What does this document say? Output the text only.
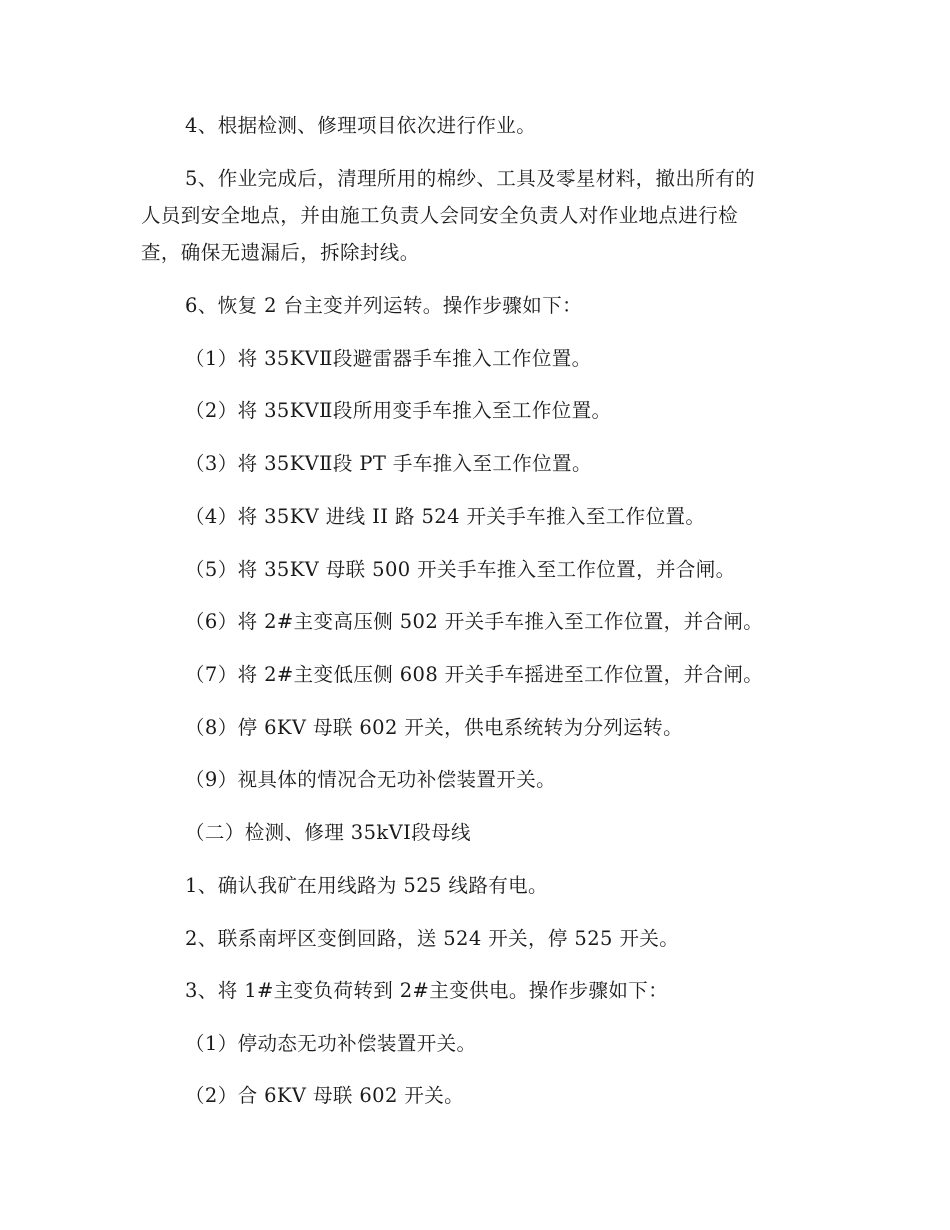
4、根据检测、修理项目依次进行作业。

5、作业完成后，清理所用的棉纱、工具及零星材料，撤出所有的

人员到安全地点，并由施工负责人会同安全负责人对作业地点进行检

查，确保无遗漏后，拆除封线。

6、恢复 2 台主变并列运转。操作步骤如下：

（1）将 35KVⅡ段避雷器手车推入工作位置。

（2）将 35KVⅡ段所用变手车推入至工作位置。

（3）将 35KVⅡ段 PT 手车推入至工作位置。

（4）将 35KV 进线 II 路 524 开关手车推入至工作位置。

（5）将 35KV 母联 500 开关手车推入至工作位置，并合闸。

（6）将 2#主变高压侧 502 开关手车推入至工作位置，并合闸。

（7）将 2#主变低压侧 608 开关手车摇进至工作位置，并合闸。

（8）停 6KV 母联 602 开关，供电系统转为分列运转。

（9）视具体的情况合无功补偿装置开关。

（二）检测、修理 35kVⅠ段母线

1、确认我矿在用线路为 525 线路有电。

2、联系南坪区变倒回路，送 524 开关，停 525 开关。

3、将 1#主变负荷转到 2#主变供电。操作步骤如下：

（1）停动态无功补偿装置开关。

（2）合 6KV 母联 602 开关。
